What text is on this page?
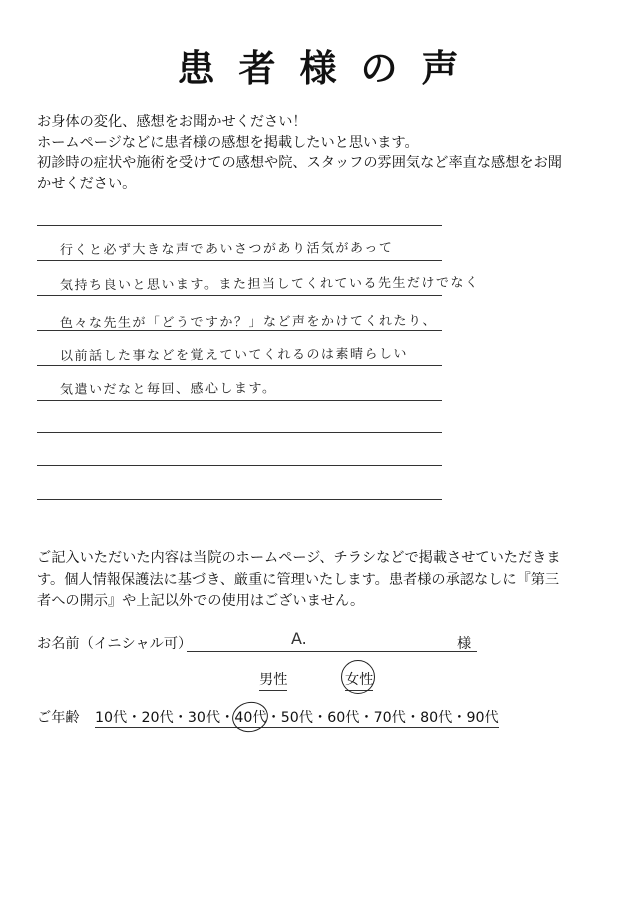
患者様の声
お身体の変化、感想をお聞かせください！
ホームページなどに患者様の感想を掲載したいと思います。
初診時の症状や施術を受けての感想や院、スタッフの雰囲気など率直な感想をお聞
かせください。
行くと必ず大きな声であいさつがあり活気があって
気持ち良いと思います。また担当してくれている先生だけでなく
色々な先生が「どうですか？」など声をかけてくれたり、
以前話した事などを覚えていてくれるのは素晴らしい
気遣いだなと毎回、感心します。
ご記入いただいた内容は当院のホームページ、チラシなどで掲載させていただきま
す。個人情報保護法に基づき、厳重に管理いたします。患者様の承認なしに『第三
者への開示』や上記以外での使用はございません。
お名前（イニシャル可）	A.	様
男性	女性
ご年齢 10代・20代・30代・40代・50代・60代・70代・80代・90代
